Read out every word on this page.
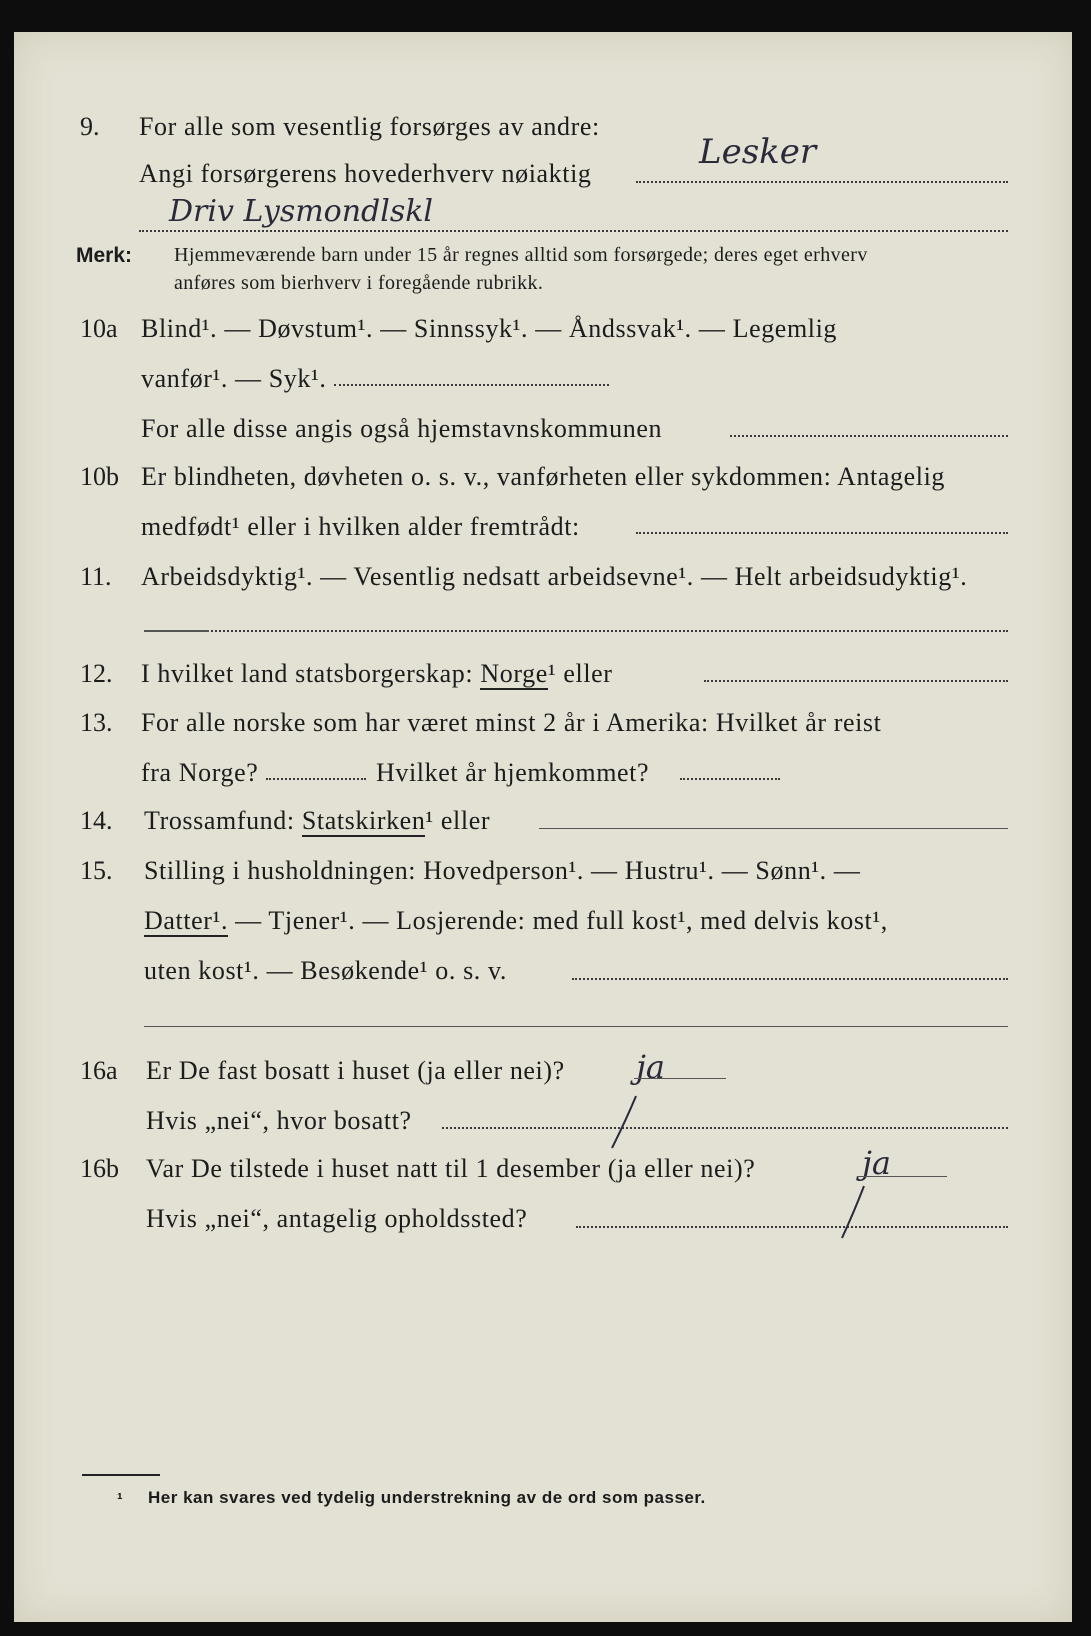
9. For alle som vesentlig forsørges av andre:
Angi forsørgerens hovederhverv nøiaktig
Lesker
Driv Lysmondlskl
Merk: Hjemmeværende barn under 15 år regnes alltid som forsørgede; deres eget erhverv
anføres som bierhverv i foregående rubrikk.
10a Blind¹. — Døvstum¹. — Sinnssyk¹. — Åndssvak¹. — Legemlig
vanfør¹. — Syk¹.
For alle disse angis også hjemstavnskommunen
10b Er blindheten, døvheten o. s. v., vanførheten eller sykdommen: Antagelig
medfødt¹ eller i hvilken alder fremtrådt:
11. Arbeidsdyktig¹. — Vesentlig nedsatt arbeidsevne¹. — Helt arbeidsudyktig¹.
12. I hvilket land statsborgerskap: Norge¹ eller
13. For alle norske som har været minst 2 år i Amerika: Hvilket år reist
fra Norge?	Hvilket år hjemkommet?
14. Trossamfund: Statskirken¹ eller
15. Stilling i husholdningen: Hovedperson¹. — Hustru¹. — Sønn¹. —
Datter¹. — Tjener¹. — Losjerende: med full kost¹, med delvis kost¹,
uten kost¹. — Besøkende¹ o. s. v.
16a Er De fast bosatt i huset (ja eller nei)? ja
Hvis „nei“, hvor bosatt?
16b Var De tilstede i huset natt til 1 desember (ja eller nei)?	ja
Hvis „nei“, antagelig opholdssted?
¹ Her kan svares ved tydelig understrekning av de ord som passer.
